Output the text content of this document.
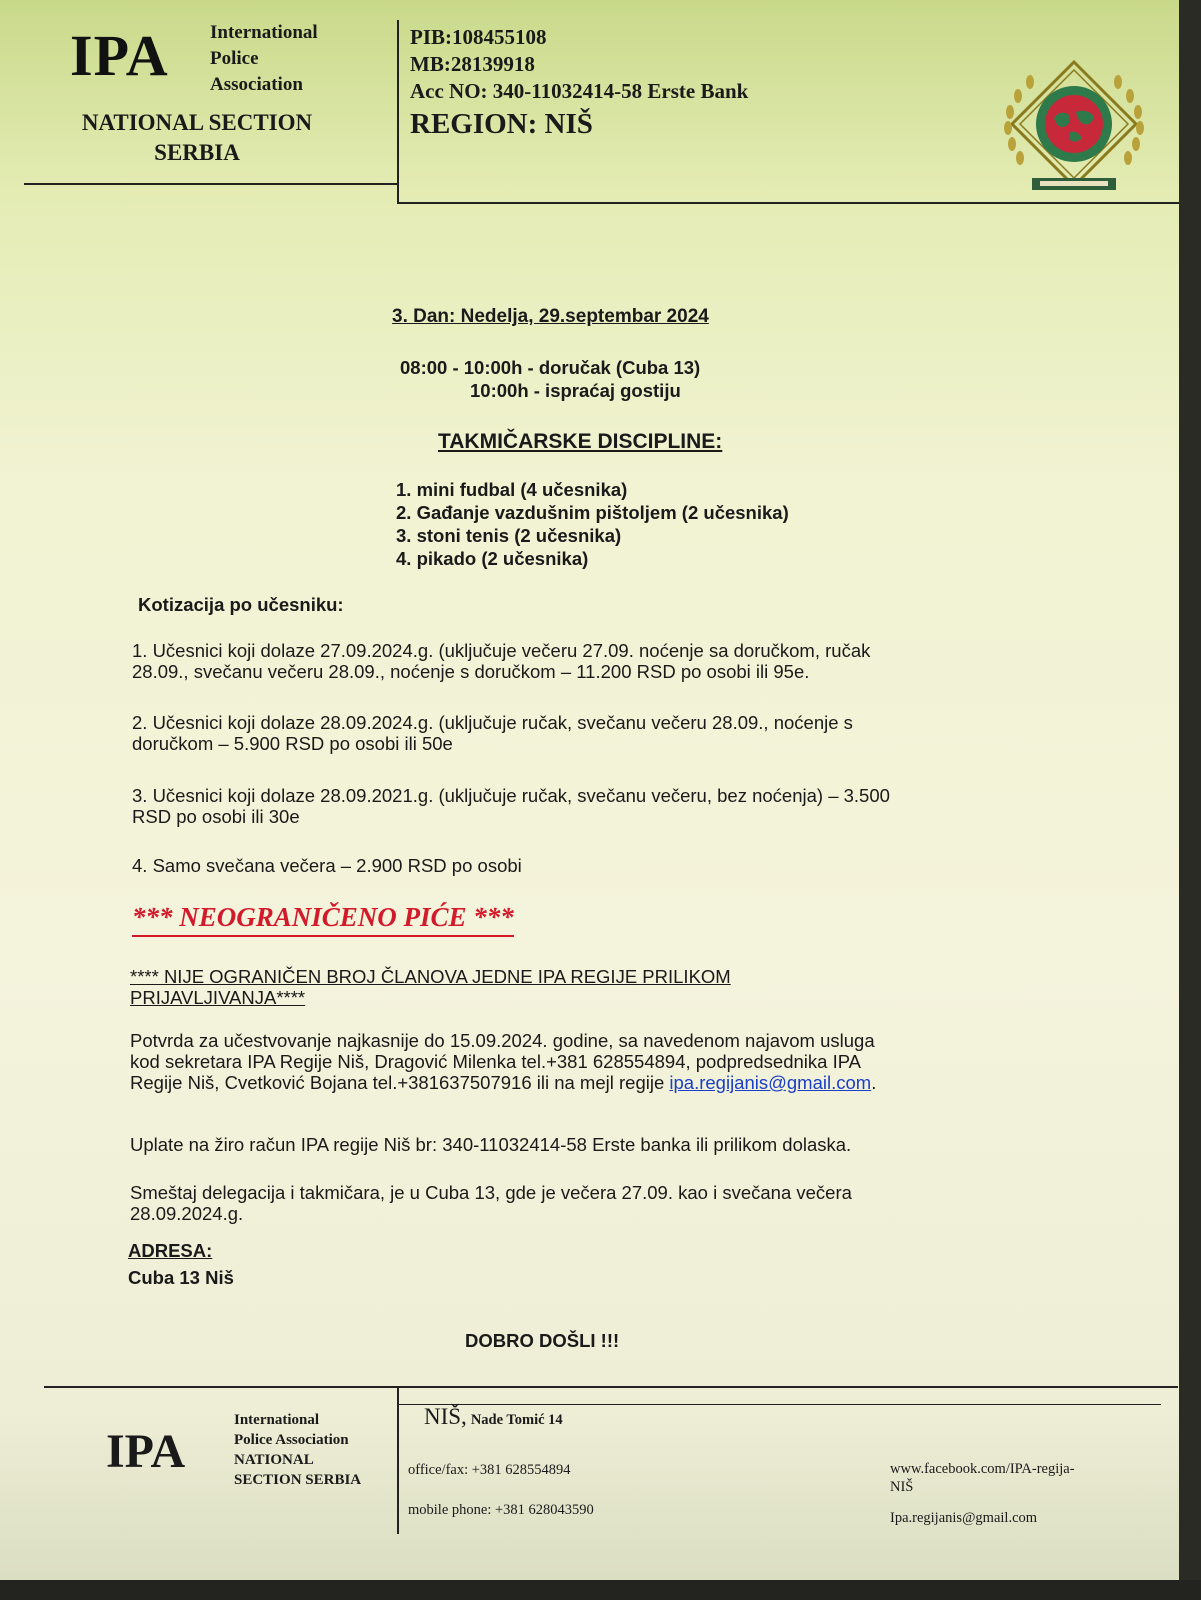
IPA International
Police
Association
NATIONAL SECTION
SERBIA
PIB:108455108
MB:28139918
Acc NO: 340-11032414-58 Erste Bank
REGION: NIŠ
3. Dan: Nedelja, 29.septembar 2024
08:00 - 10:00h - doručak (Cuba 13)
10:00h - ispraćaj gostiju
TAKMIČARSKE DISCIPLINE:
1. mini fudbal (4 učesnika)
2. Gađanje vazdušnim pištoljem (2 učesnika)
3. stoni tenis (2 učesnika)
4. pikado (2 učesnika)
Kotizacija po učesniku:
1. Učesnici koji dolaze 27.09.2024.g. (uključuje večeru 27.09. noćenje sa doručkom, ručak
28.09., svečanu večeru 28.09., noćenje s doručkom – 11.200 RSD po osobi ili 95e.
2. Učesnici koji dolaze 28.09.2024.g. (uključuje ručak, svečanu večeru 28.09., noćenje s
doručkom – 5.900 RSD po osobi ili 50e
3. Učesnici koji dolaze 28.09.2021.g. (uključuje ručak, svečanu večeru, bez noćenja) – 3.500
RSD po osobi ili 30e
4. Samo svečana večera – 2.900 RSD po osobi
*** NEOGRANIČENO PIĆE ***
**** NIJE OGRANIČEN BROJ ČLANOVA JEDNE IPA REGIJE PRILIKOM
PRIJAVLJIVANJA****
Potvrda za učestvovanje najkasnije do 15.09.2024. godine, sa navedenom najavom usluga
kod sekretara IPA Regije Niš, Dragović Milenka tel.+381 628554894, podpredsednika IPA
Regije Niš, Cvetković Bojana tel.+381637507916 ili na mejl regije ipa.regijanis@gmail.com.
Uplate na žiro račun IPA regije Niš br: 340-11032414-58 Erste banka ili prilikom dolaska.
Smeštaj delegacija i takmičara, je u Cuba 13, gde je večera 27.09. kao i svečana večera
28.09.2024.g.
ADRESA:
Cuba 13 Niš
DOBRO DOŠLI !!!
IPA
International
Police Association
NATIONAL
SECTION SERBIA
NIŠ, Nade Tomić 14
office/fax: +381 628554894
mobile phone: +381 628043590
www.facebook.com/IPA-regija-
NIŠ
Ipa.regijanis@gmail.com
